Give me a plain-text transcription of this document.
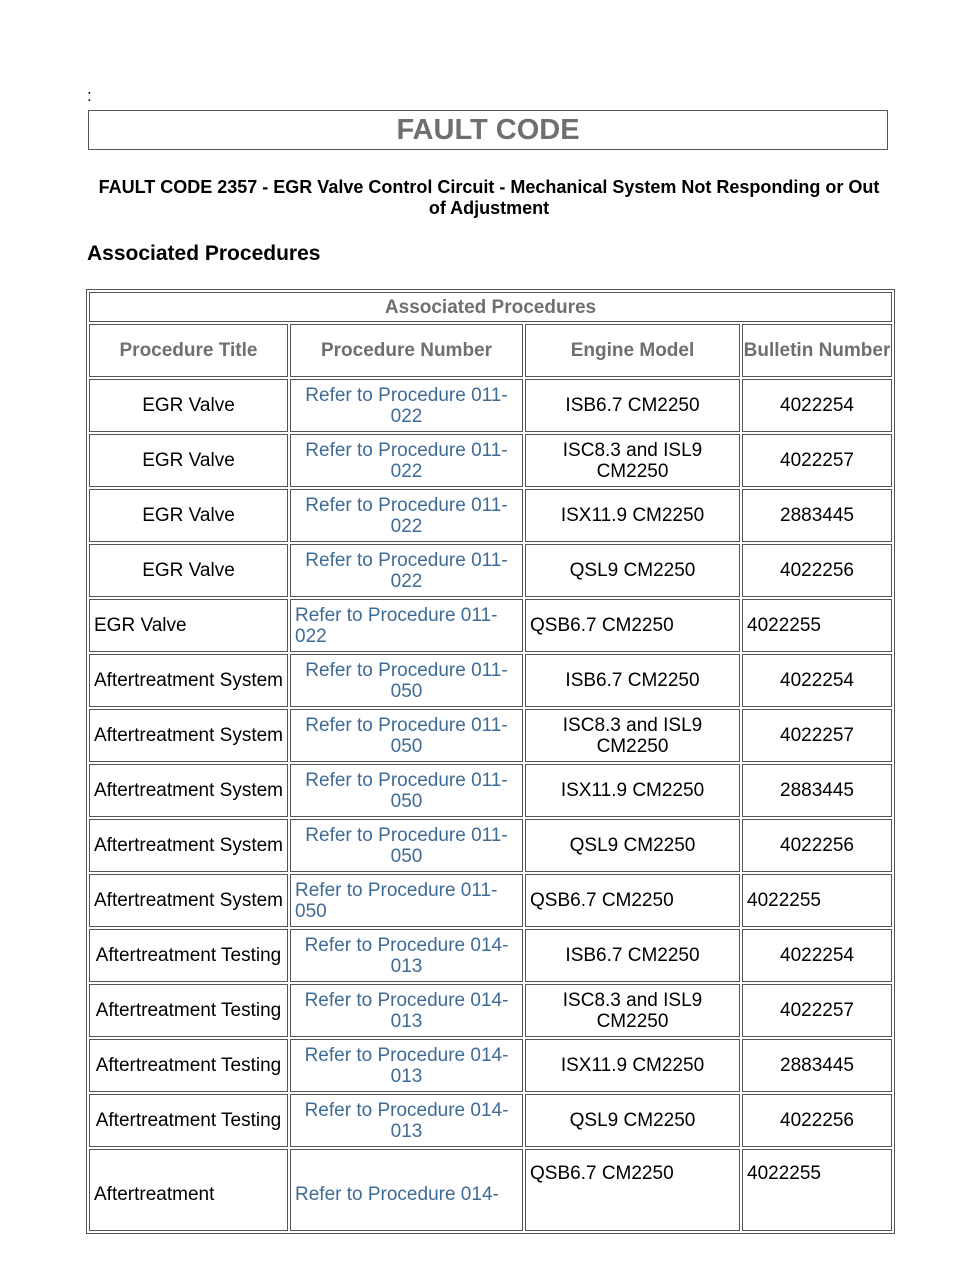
:
FAULT CODE
FAULT CODE 2357 - EGR Valve Control Circuit - Mechanical System Not Responding or Out of Adjustment
Associated Procedures
Associated Procedures			
Procedure Title	Procedure Number	Engine Model	Bulletin Number
EGR Valve	Refer to Procedure 011-022	ISB6.7 CM2250	4022254
EGR Valve	Refer to Procedure 011-022	ISC8.3 and ISL9 CM2250	4022257
EGR Valve	Refer to Procedure 011-022	ISX11.9 CM2250	2883445
EGR Valve	Refer to Procedure 011-022	QSL9 CM2250	4022256
EGR Valve	Refer to Procedure 011-022	QSB6.7 CM2250	4022255
Aftertreatment System	Refer to Procedure 011-050	ISB6.7 CM2250	4022254
Aftertreatment System	Refer to Procedure 011-050	ISC8.3 and ISL9 CM2250	4022257
Aftertreatment System	Refer to Procedure 011-050	ISX11.9 CM2250	2883445
Aftertreatment System	Refer to Procedure 011-050	QSL9 CM2250	4022256
Aftertreatment System	Refer to Procedure 011-050	QSB6.7 CM2250	4022255
Aftertreatment Testing	Refer to Procedure 014-013	ISB6.7 CM2250	4022254
Aftertreatment Testing	Refer to Procedure 014-013	ISC8.3 and ISL9 CM2250	4022257
Aftertreatment Testing	Refer to Procedure 014-013	ISX11.9 CM2250	2883445
Aftertreatment Testing	Refer to Procedure 014-013	QSL9 CM2250	4022256
Aftertreatment	Refer to Procedure 014-	QSB6.7 CM2250	4022255
